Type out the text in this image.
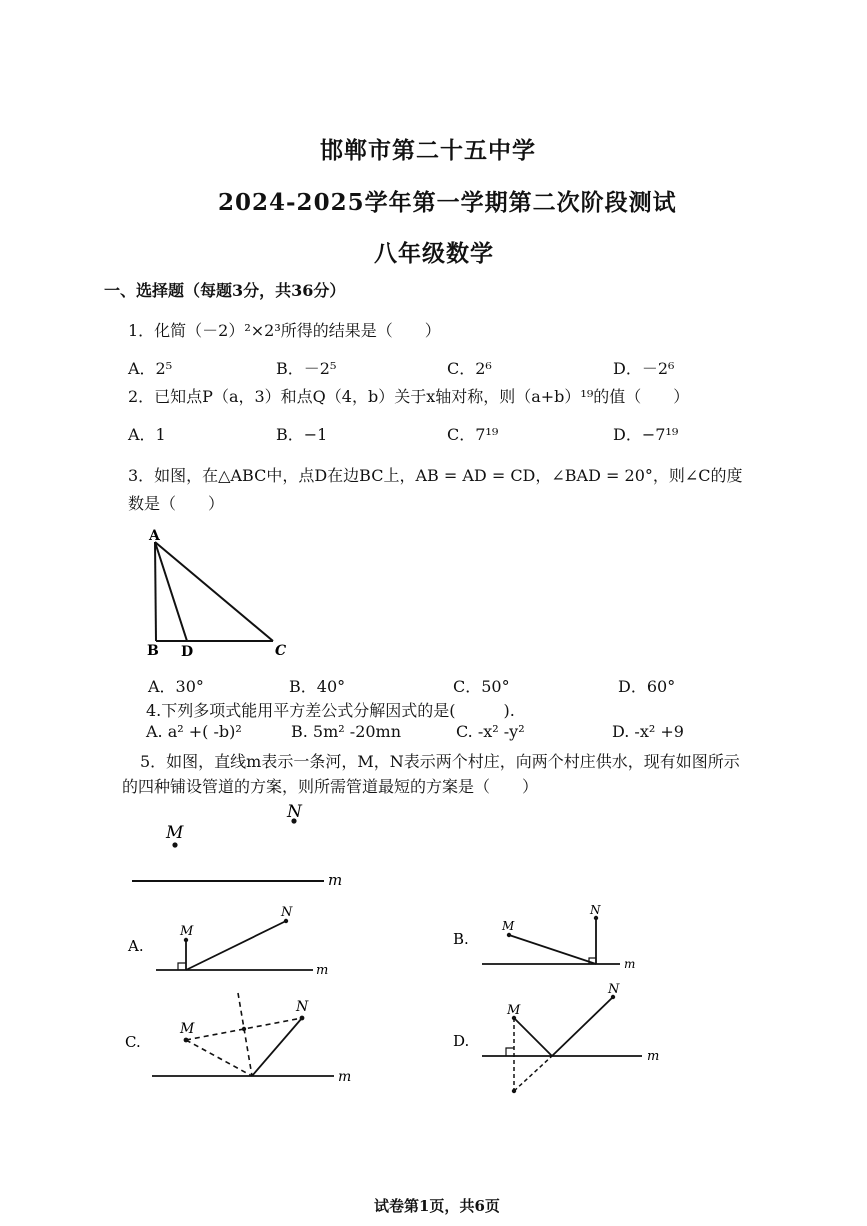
邯郸市第二十五中学
2024-2025学年第一学期第二次阶段测试
八年级数学
一、选择题（每题3分，共36分）
1．化简（－2）²×2³所得的结果是（　　）
A．2⁵	B．－2⁵	C．2⁶	D．－2⁶
2．已知点P（a，3）和点Q（4，b）关于x轴对称，则（a+b）¹⁹的值（　　）
A．1	B．−1	C．7¹⁹	D．−7¹⁹
3．如图，在△ABC中，点D在边BC上，AB = AD = CD，∠BAD = 20°，则∠C的度
数是（　　）
A
B D	C
A．30°	B．40°	C．50°	D．60°
4.下列多项式能用平方差公式分解因式的是(　　　).
A. a² +( -b)²	B. 5m² -20mn	C. -x² -y²	D. -x² +9
5．如图，直线m表示一条河，M，N表示两个村庄，向两个村庄供水，现有如图所示
的四种铺设管道的方案，则所需管道最短的方案是（　　）
M
N
m
A.
M
N
m
B.
M
N
m
C.
M
N
m
D.
M
N
m
试卷第1页，共6页
